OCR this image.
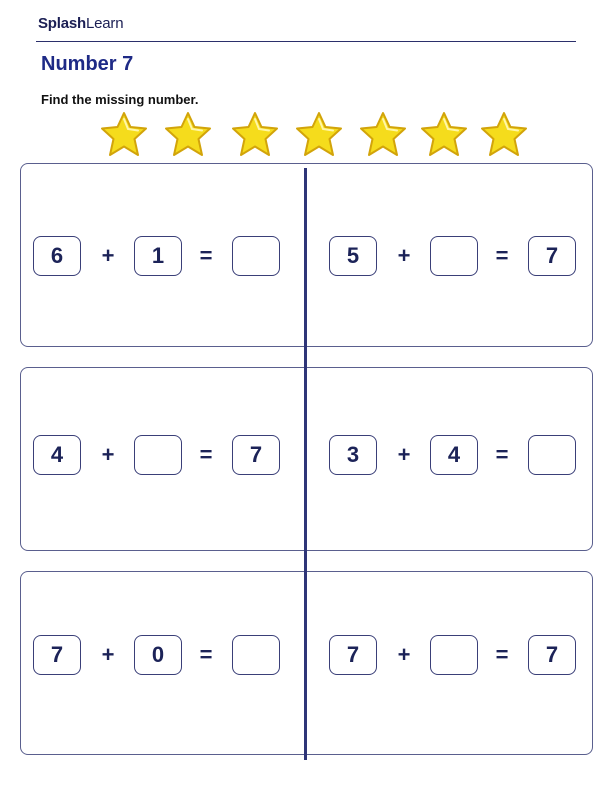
SplashLearn
Number 7
Find the missing number.
6	+	1	=	5	+	=	7
4	+	=	7	3	+	4	=
7	+	0	=	7	+	=	7
